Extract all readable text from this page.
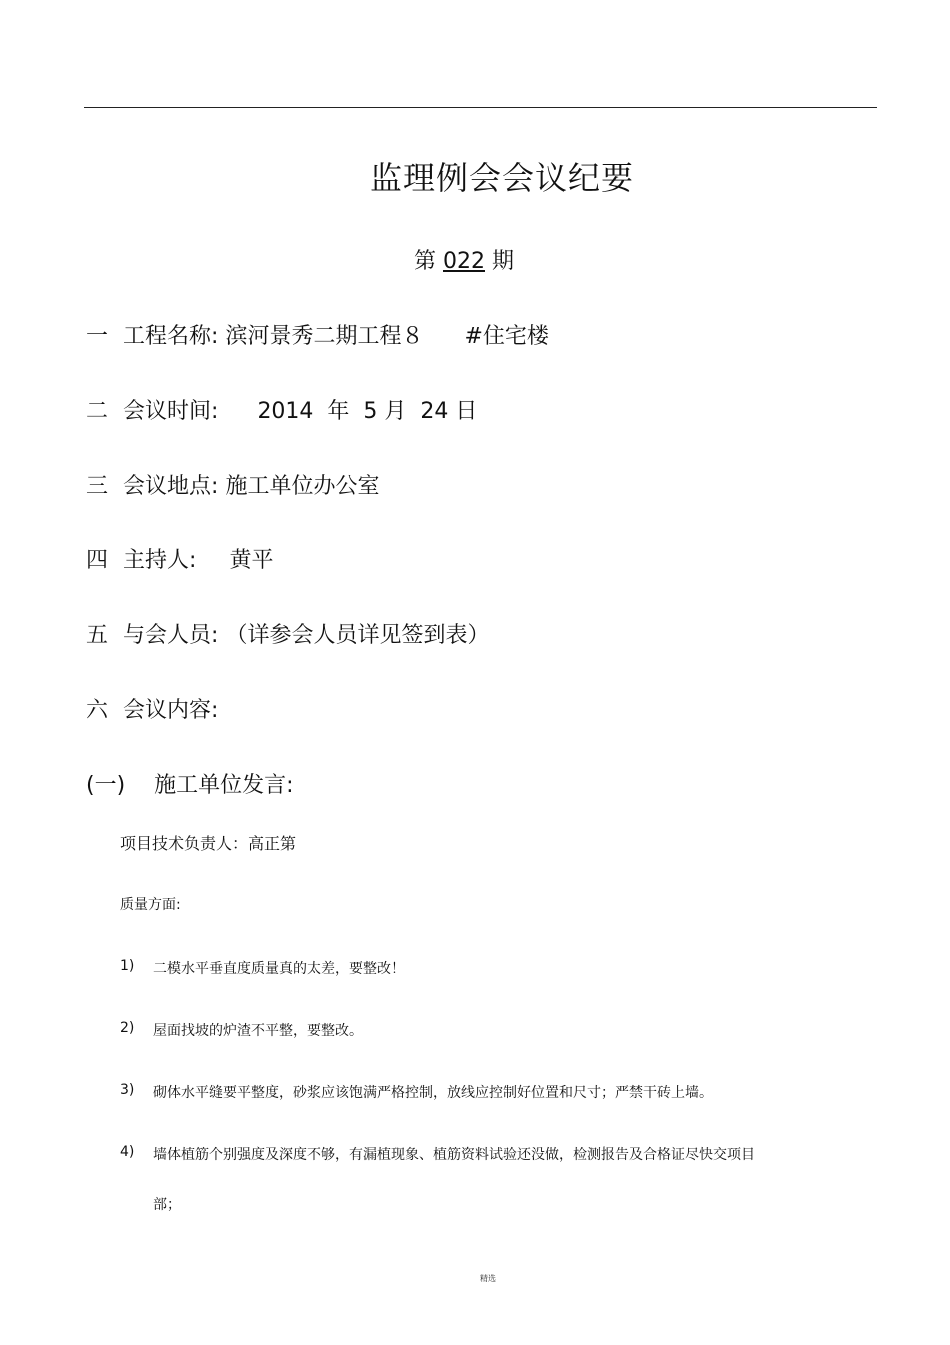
监理例会会议纪要
第 022 期
一 工程名称: 滨河景秀二期工程８ #住宅楼
二 会议时间: 2014  年  5 月  24 日
三 会议地点: 施工单位办公室
四 主持人: 黄平
五 与会人员: （详参会人员详见签到表）
六 会议内容:
(一) 施工单位发言:
项目技术负责人：高正第
质量方面:
1) 二模水平垂直度质量真的太差，要整改！
2) 屋面找坡的炉渣不平整，要整改。
3) 砌体水平缝要平整度，砂浆应该饱满严格控制，放线应控制好位置和尺寸；严禁干砖上墙。
4) 墙体植筋个别强度及深度不够，有漏植现象、植筋资料试验还没做，检测报告及合格证尽快交项目
部；
精选
